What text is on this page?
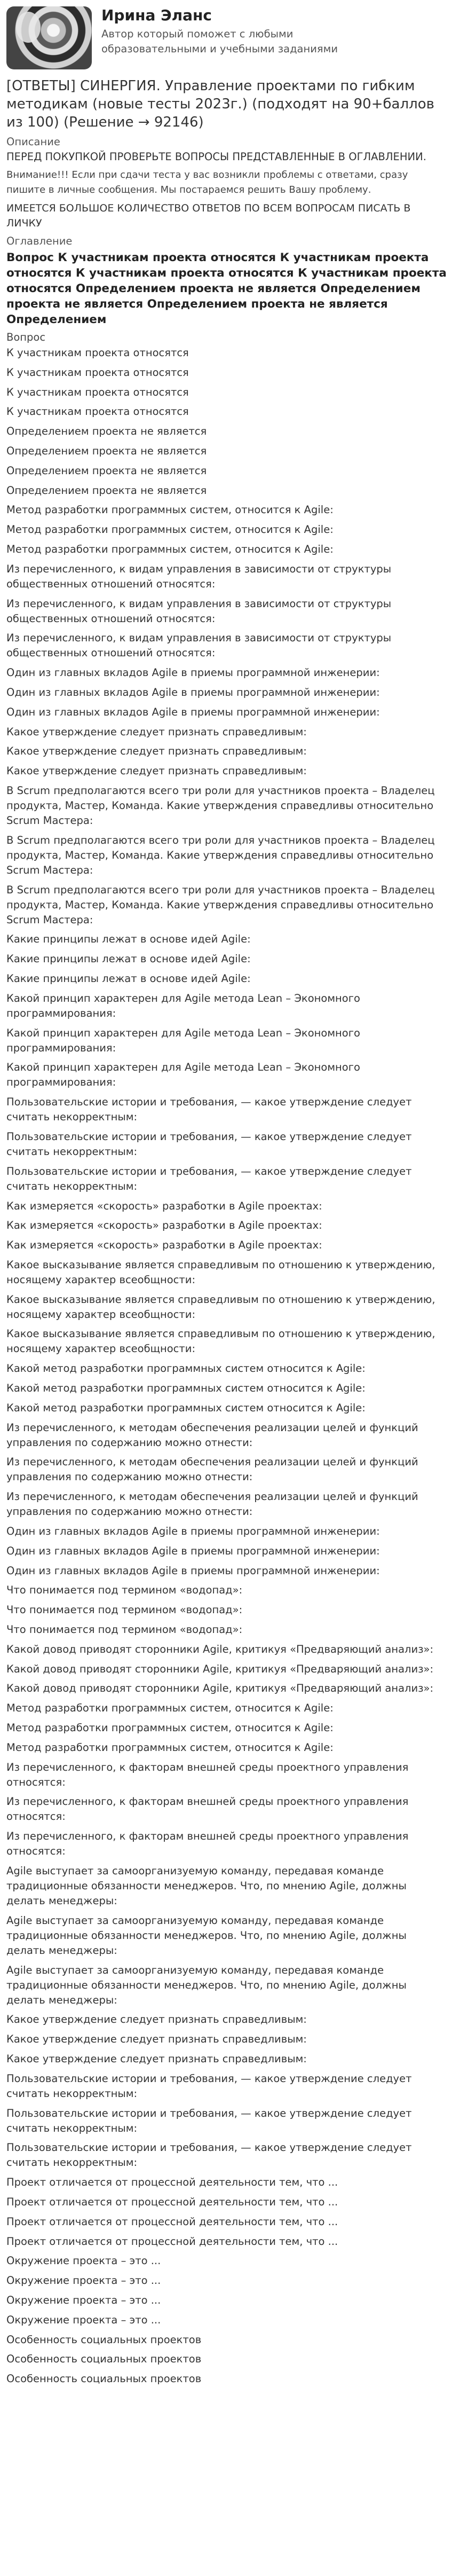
Ирина Эланс
Автор который поможет с любыми образовательными и учебными заданиями
[ОТВЕТЫ] СИНЕРГИЯ. Управление проектами по гибким методикам (новые тесты 2023г.) (подходят на 90+баллов из 100) (Решение → 92146)
Описание
ПЕРЕД ПОКУПКОЙ ПРОВЕРЬТЕ ВОПРОСЫ ПРЕДСТАВЛЕННЫЕ В ОГЛАВЛЕНИИ.
Внимание!!! Если при сдачи теста у вас возникли проблемы с ответами, сразу пишите в личные сообщения. Мы постараемся решить Вашу проблему.
ИМЕЕТСЯ БОЛЬШОЕ КОЛИЧЕСТВО ОТВЕТОВ ПО ВСЕМ ВОПРОСАМ ПИСАТЬ В ЛИЧКУ
Оглавление
Вопрос К участникам проекта относятся К участникам проекта относятся К участникам проекта относятся К участникам проекта относятся Определением проекта не является Определением проекта не является Определением проекта не является Определением
Вопрос
К участникам проекта относятся
К участникам проекта относятся
К участникам проекта относятся
К участникам проекта относятся
Определением проекта не является
Определением проекта не является
Определением проекта не является
Определением проекта не является
Метод разработки программных систем, относится к Agile:
Метод разработки программных систем, относится к Agile:
Метод разработки программных систем, относится к Agile:
Из перечисленного, к видам управления в зависимости от структуры общественных отношений относятся:
Из перечисленного, к видам управления в зависимости от структуры общественных отношений относятся:
Из перечисленного, к видам управления в зависимости от структуры общественных отношений относятся:
Один из главных вкладов Agile в приемы программной инженерии:
Один из главных вкладов Agile в приемы программной инженерии:
Один из главных вкладов Agile в приемы программной инженерии:
Какое утверждение следует признать справедливым:
Какое утверждение следует признать справедливым:
Какое утверждение следует признать справедливым:
В Scrum предполагаются всего три роли для участников проекта – Владелец продукта, Мастер, Команда. Какие утверждения справедливы относительно Scrum Мастера:
В Scrum предполагаются всего три роли для участников проекта – Владелец продукта, Мастер, Команда. Какие утверждения справедливы относительно Scrum Мастера:
В Scrum предполагаются всего три роли для участников проекта – Владелец продукта, Мастер, Команда. Какие утверждения справедливы относительно Scrum Мастера:
Какие принципы лежат в основе идей Agile:
Какие принципы лежат в основе идей Agile:
Какие принципы лежат в основе идей Agile:
Какой принцип характерен для Agile метода Lean – Экономного программирования:
Какой принцип характерен для Agile метода Lean – Экономного программирования:
Какой принцип характерен для Agile метода Lean – Экономного программирования:
Пользовательские истории и требования, — какое утверждение следует считать некорректным:
Пользовательские истории и требования, — какое утверждение следует считать некорректным:
Пользовательские истории и требования, — какое утверждение следует считать некорректным:
Как измеряется «скорость» разработки в Agile проектах:
Как измеряется «скорость» разработки в Agile проектах:
Как измеряется «скорость» разработки в Agile проектах:
Какое высказывание является справедливым по отношению к утверждению, носящему характер всеобщности:
Какое высказывание является справедливым по отношению к утверждению, носящему характер всеобщности:
Какое высказывание является справедливым по отношению к утверждению, носящему характер всеобщности:
Какой метод разработки программных систем относится к Agile:
Какой метод разработки программных систем относится к Agile:
Какой метод разработки программных систем относится к Agile:
Из перечисленного, к методам обеспечения реализации целей и функций управления по содержанию можно отнести:
Из перечисленного, к методам обеспечения реализации целей и функций управления по содержанию можно отнести:
Из перечисленного, к методам обеспечения реализации целей и функций управления по содержанию можно отнести:
Один из главных вкладов Agile в приемы программной инженерии:
Один из главных вкладов Agile в приемы программной инженерии:
Один из главных вкладов Agile в приемы программной инженерии:
Что понимается под термином «водопад»:
Что понимается под термином «водопад»:
Что понимается под термином «водопад»:
Какой довод приводят сторонники Agile, критикуя «Предваряющий анализ»:
Какой довод приводят сторонники Agile, критикуя «Предваряющий анализ»:
Какой довод приводят сторонники Agile, критикуя «Предваряющий анализ»:
Метод разработки программных систем, относится к Agile:
Метод разработки программных систем, относится к Agile:
Метод разработки программных систем, относится к Agile:
Из перечисленного, к факторам внешней среды проектного управления относятся:
Из перечисленного, к факторам внешней среды проектного управления относятся:
Из перечисленного, к факторам внешней среды проектного управления относятся:
Agile выступает за самоорганизуемую команду, передавая команде традиционные обязанности менеджеров. Что, по мнению Agile, должны делать менеджеры:
Agile выступает за самоорганизуемую команду, передавая команде традиционные обязанности менеджеров. Что, по мнению Agile, должны делать менеджеры:
Agile выступает за самоорганизуемую команду, передавая команде традиционные обязанности менеджеров. Что, по мнению Agile, должны делать менеджеры:
Какое утверждение следует признать справедливым:
Какое утверждение следует признать справедливым:
Какое утверждение следует признать справедливым:
Пользовательские истории и требования, — какое утверждение следует считать некорректным:
Пользовательские истории и требования, — какое утверждение следует считать некорректным:
Пользовательские истории и требования, — какое утверждение следует считать некорректным:
Проект отличается от процессной деятельности тем, что ...
Проект отличается от процессной деятельности тем, что ...
Проект отличается от процессной деятельности тем, что ...
Проект отличается от процессной деятельности тем, что ...
Окружение проекта – это ...
Окружение проекта – это ...
Окружение проекта – это ...
Окружение проекта – это ...
Особенность социальных проектов
Особенность социальных проектов
Особенность социальных проектов
